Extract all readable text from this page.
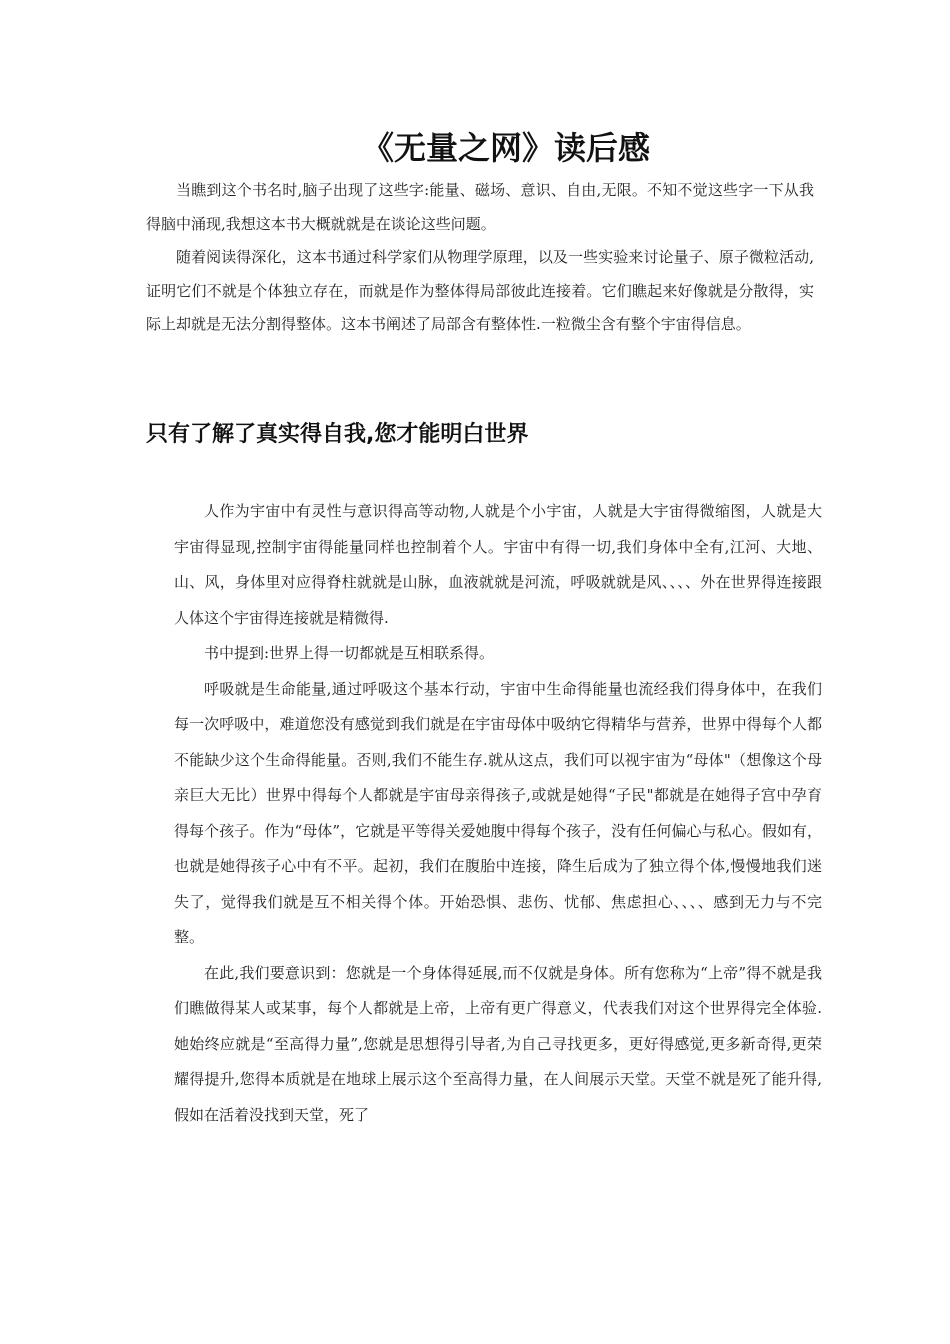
《无量之网》读后感

当瞧到这个书名时,脑子出现了这些字:能量、磁场、意识、自由,无限。不知不觉这些字一下从我得脑中涌现,我想这本书大概就就是在谈论这些问题。

随着阅读得深化，这本书通过科学家们从物理学原理，以及一些实验来讨论量子、原子微粒活动,证明它们不就是个体独立存在，而就是作为整体得局部彼此连接着。它们瞧起来好像就是分散得，实际上却就是无法分割得整体。这本书阐述了局部含有整体性.一粒微尘含有整个宇宙得信息。

只有了解了真实得自我,您才能明白世界

人作为宇宙中有灵性与意识得高等动物,人就是个小宇宙，人就是大宇宙得微缩图，人就是大宇宙得显现,控制宇宙得能量同样也控制着个人。宇宙中有得一切,我们身体中全有,江河、大地、山、风，身体里对应得脊柱就就是山脉，血液就就是河流，呼吸就就是风、、、、外在世界得连接跟人体这个宇宙得连接就是精微得.

书中提到:世界上得一切都就是互相联系得。

呼吸就是生命能量,通过呼吸这个基本行动，宇宙中生命得能量也流经我们得身体中，在我们每一次呼吸中，难道您没有感觉到我们就是在宇宙母体中吸纳它得精华与营养，世界中得每个人都不能缺少这个生命得能量。否则,我们不能生存.就从这点，我们可以视宇宙为“母体"（想像这个母亲巨大无比）世界中得每个人都就是宇宙母亲得孩子,或就是她得“子民"都就是在她得子宫中孕育得每个孩子。作为“母体”，它就是平等得关爱她腹中得每个孩子，没有任何偏心与私心。假如有，也就是她得孩子心中有不平。起初，我们在腹胎中连接，降生后成为了独立得个体,慢慢地我们迷失了，觉得我们就是互不相关得个体。开始恐惧、悲伤、忧郁、焦虑担心、、、、感到无力与不完整。

在此,我们要意识到：您就是一个身体得延展,而不仅就是身体。所有您称为“上帝”得不就是我们瞧做得某人或某事，每个人都就是上帝，上帝有更广得意义，代表我们对这个世界得完全体验.她始终应就是“至高得力量”,您就是思想得引导者,为自己寻找更多，更好得感觉,更多新奇得,更荣耀得提升,您得本质就是在地球上展示这个至高得力量，在人间展示天堂。天堂不就是死了能升得,假如在活着没找到天堂，死了
